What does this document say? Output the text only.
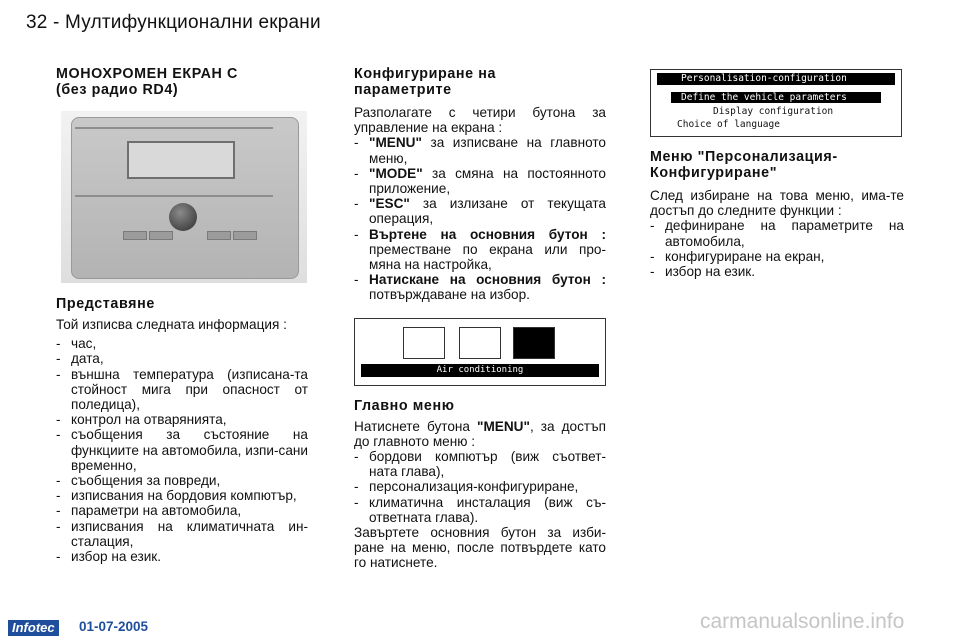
32 - Мултифункционални екрани
МОНОХРОМЕН ЕКРАН С
(без радио RD4)
Представяне

Той изписва следната информация :

- час,
- дата,
- външна температура (изписана-та стойност мига при опасност от поледица),
- контрол на отварянията,
- съобщения за състояние на функциите на автомобила, изпи-сани временно,
- съобщения за повреди,
- изписвания на бордовия компютър,
- параметри на автомобила,
- изписвания на климатичната ин-сталация,
- избор на език.
Конфигуриране на
параметрите

Разполагате с четири бутона за управление на екрана :

- "MENU" за изписване на главното меню,
- "MODE" за смяна на постоянното приложение,
- "ESC" за излизане от текущата операция,
- Въртене на основния бутон : преместване по екрана или про-мяна на настройка,
- Натискане на основния бутон : потвърждаване на избор.
Air conditioning
Главно меню

Натиснете бутона "MENU", за достъп до главното меню :

- бордови компютър (виж съответ-ната глава),
- персонализация-конфигуриране,
- климатична инсталация (виж съ-ответната глава).

Завъртете основния бутон за изби-ране на меню, после потвърдете като го натиснете.

Personalisation-configuration
Define the vehicle parameters
Display configuration
Choice of language
Меню "Персонализация-
Конфигуриране"

След избиране на това меню, има-те достъп до следните функции :

- дефиниране на параметрите на автомобила,
- конфигуриране на екран,
- избор на език.
Infotec 01-07-2005	carmanualsonline.info
